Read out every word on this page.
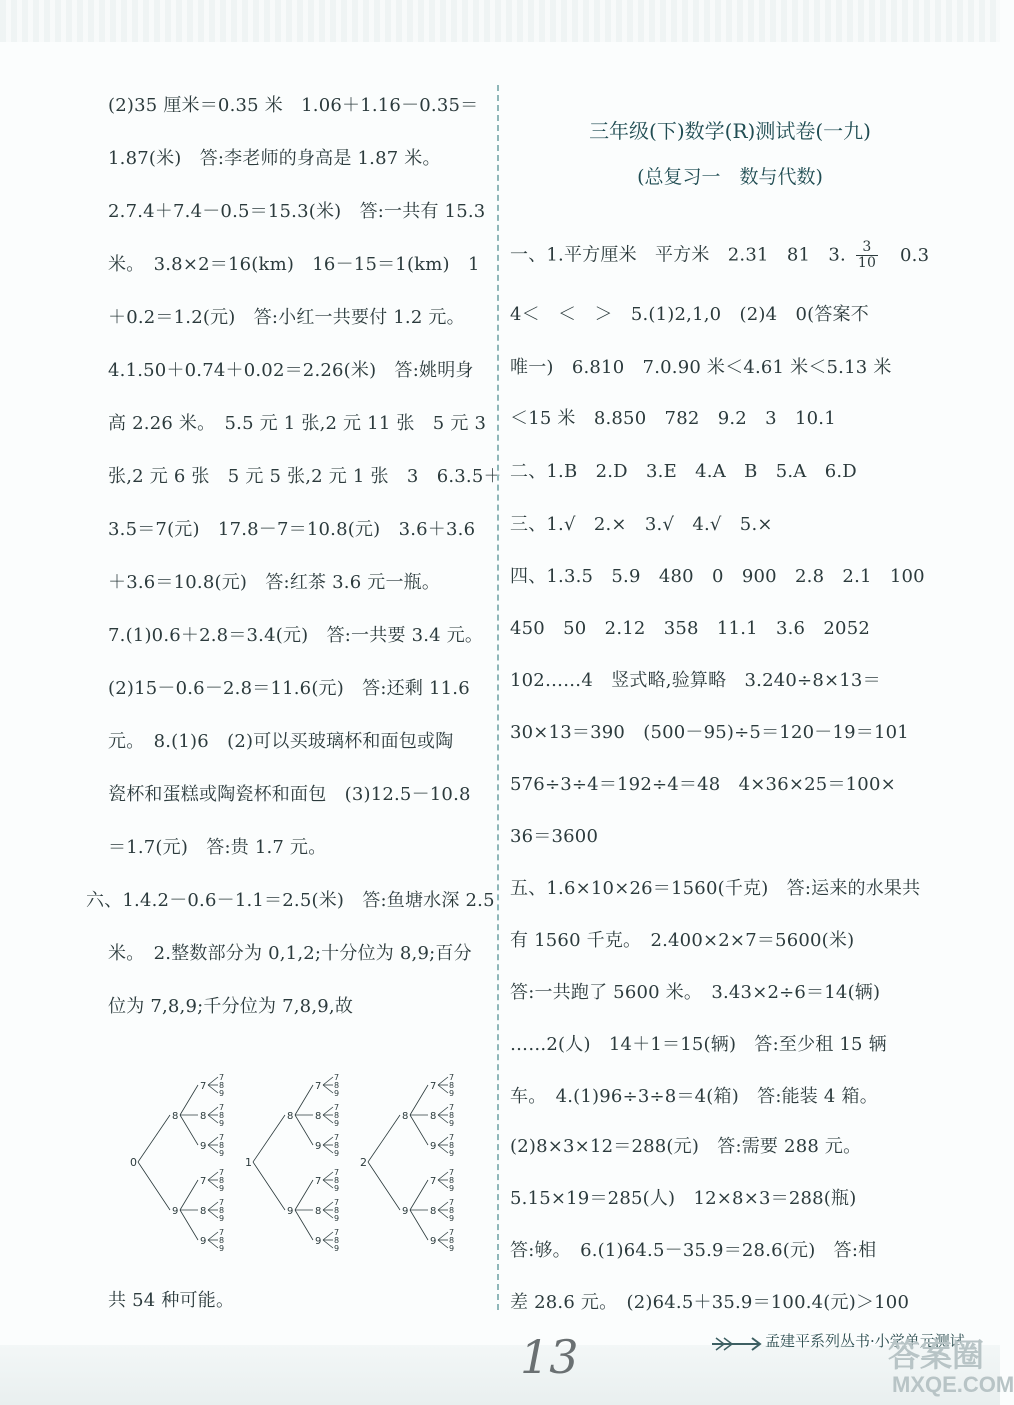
(2)35 厘米＝0.35 米　1.06＋1.16－0.35＝
1.87(米)　答:李老师的身高是 1.87 米。
2.7.4＋7.4－0.5＝15.3(米)　答:一共有 15.3
米。　3.8×2＝16(km)　16－15＝1(km)　1
＋0.2＝1.2(元)　答:小红一共要付 1.2 元。
4.1.50＋0.74＋0.02＝2.26(米)　答:姚明身
高 2.26 米。　5.5 元 1 张,2 元 11 张　5 元 3
张,2 元 6 张　5 元 5 张,2 元 1 张　3　6.3.5＋
3.5＝7(元)　17.8－7＝10.8(元)　3.6＋3.6
＋3.6＝10.8(元)　答:红茶 3.6 元一瓶。
7.(1)0.6＋2.8＝3.4(元)　答:一共要 3.4 元。
(2)15－0.6－2.8＝11.6(元)　答:还剩 11.6
元。　8.(1)6　(2)可以买玻璃杯和面包或陶
瓷杯和蛋糕或陶瓷杯和面包　(3)12.5－10.8
＝1.7(元)　答:贵 1.7 元。
六、1.4.2－0.6－1.1＝2.5(米)　答:鱼塘水深 2.5
米。　2.整数部分为 0,1,2;十分位为 8,9;百分
位为 7,8,9;千分位为 7,8,9,故
共 54 种可能。
0
8
7
7
8
9
8
7
8
9
9
7
8
9
9
7
7
8
9
8
7
8
9
9
7
8
9
1
8
7
7
8
9
8
7
8
9
9
7
8
9
9
7
7
8
9
8
7
8
9
9
7
8
9
2
8
7
7
8
9
8
7
8
9
9
7
8
9
9
7
7
8
9
8
7
8
9
9
7
8
9
三年级(下)数学(R)测试卷(一九)
(总复习一　数与代数)
一、1.平方厘米　平方米　2.31　81　3. $\frac{3}{10} 0.3$
4＜　＜　＞　5.(1)2,1,0　(2)4　0(答案不
唯一)　6.810　7.0.90 米＜4.61 米＜5.13 米
＜15 米　8.850　782　9.2　3　10.1
二、1.B　2.D　3.E　4.A　B　5.A　6.D
三、1.√　2.×　3.√　4.√　5.×
四、1.3.5　5.9　480　0　900　2.8　2.1　100
450　50　2.12　358　11.1　3.6　2052
102……4　竖式略,验算略　3.240÷8×13＝
30×13＝390　(500－95)÷5＝120－19＝101
576÷3÷4＝192÷4＝48　4×36×25＝100×
36＝3600
五、1.6×10×26＝1560(千克)　答:运来的水果共
有 1560 千克。　2.400×2×7＝5600(米)
答:一共跑了 5600 米。　3.43×2÷6＝14(辆)
……2(人)　14＋1＝15(辆)　答:至少租 15 辆
车。　4.(1)96÷3÷8＝4(箱)　答:能装 4 箱。
(2)8×3×12＝288(元)　答:需要 288 元。
5.15×19＝285(人)　12×8×3＝288(瓶)
答:够。　6.(1)64.5－35.9＝28.6(元)　答:相
差 28.6 元。　(2)64.5＋35.9＝100.4(元)＞100
13	孟建平系列丛书·小学单元测试
答案圈
MXQE.COM
